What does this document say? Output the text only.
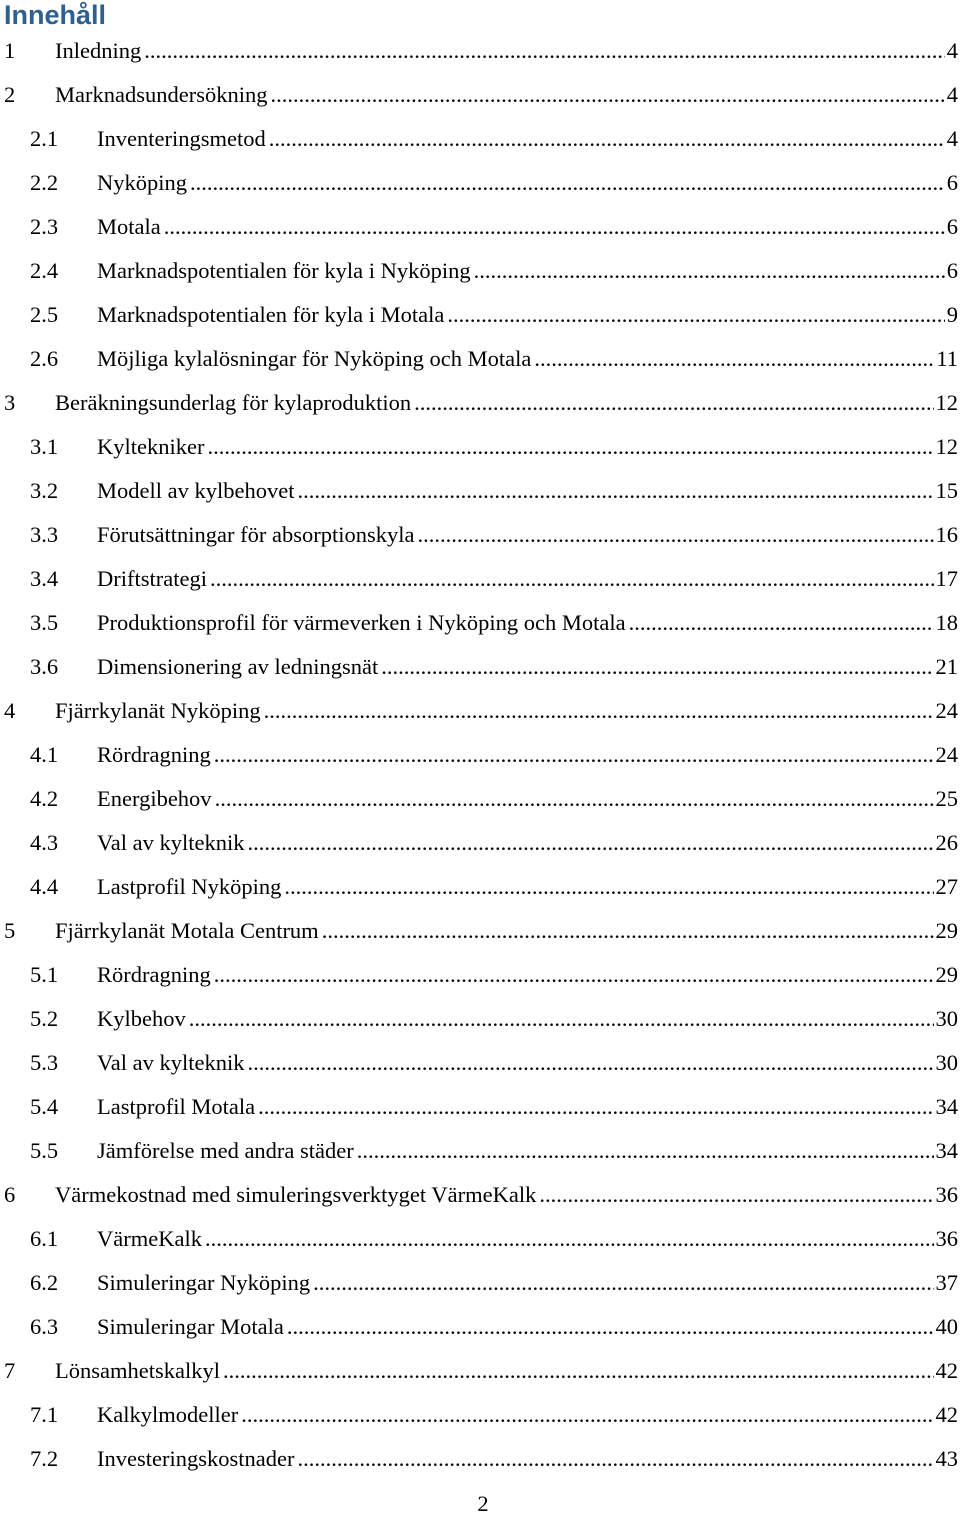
Innehåll
1 Inledning .....	4
2 Marknadsundersökning .....	4
2.1 Inventeringsmetod .....	4
2.2 Nyköping .....	6
2.3 Motala .....	6
2.4 Marknadspotentialen för kyla i Nyköping .....	6
2.5 Marknadspotentialen för kyla i Motala .....	9
2.6 Möjliga kylalösningar för Nyköping och Motala .....	11
3 Beräkningsunderlag för kylaproduktion .....	12
3.1 Kyltekniker .....	12
3.2 Modell av kylbehovet .....	15
3.3 Förutsättningar för absorptionskyla .....	16
3.4 Driftstrategi .....	17
3.5 Produktionsprofil för värmeverken i Nyköping och Motala .....	18
3.6 Dimensionering av ledningsnät .....	21
4 Fjärrkylanät Nyköping .....	24
4.1 Rördragning .....	24
4.2 Energibehov .....	25
4.3 Val av kylteknik .....	26
4.4 Lastprofil Nyköping .....	27
5 Fjärrkylanät Motala Centrum .....	29
5.1 Rördragning .....	29
5.2 Kylbehov .....	30
5.3 Val av kylteknik .....	30
5.4 Lastprofil Motala .....	34
5.5 Jämförelse med andra städer .....	34
6 Värmekostnad med simuleringsverktyget VärmeKalk .....	36
6.1 VärmeKalk .....	36
6.2 Simuleringar Nyköping .....	37
6.3 Simuleringar Motala .....	40
7 Lönsamhetskalkyl .....	42
7.1 Kalkylmodeller .....	42
7.2 Investeringskostnader .....	43
2
